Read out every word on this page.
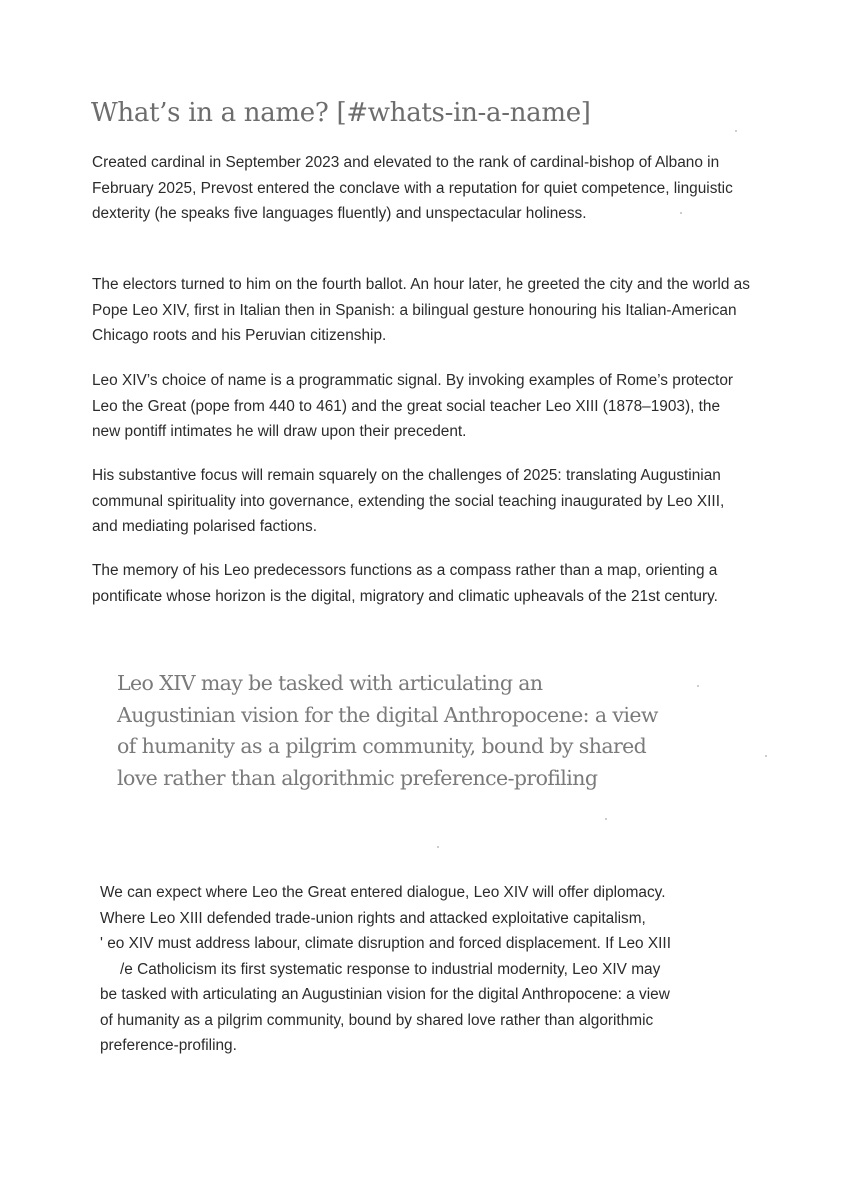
What’s in a name? [#whats-in-a-name]

Created cardinal in September 2023 and elevated to the rank of cardinal-bishop of Albano in February 2025, Prevost entered the conclave with a reputation for quiet competence, linguistic dexterity (he speaks five languages fluently) and unspectacular holiness.

The electors turned to him on the fourth ballot. An hour later, he greeted the city and the world as Pope Leo XIV, first in Italian then in Spanish: a bilingual gesture honouring his Italian-American Chicago roots and his Peruvian citizenship.

Leo XIV’s choice of name is a programmatic signal. By invoking examples of Rome’s protector Leo the Great (pope from 440 to 461) and the great social teacher Leo XIII (1878–1903), the new pontiff intimates he will draw upon their precedent.

His substantive focus will remain squarely on the challenges of 2025: translating Augustinian communal spirituality into governance, extending the social teaching inaugurated by Leo XIII, and mediating polarised factions.

The memory of his Leo predecessors functions as a compass rather than a map, orienting a pontificate whose horizon is the digital, migratory and climatic upheavals of the 21st century.

Leo XIV may be tasked with articulating an
Augustinian vision for the digital Anthropocene: a view
of humanity as a pilgrim community, bound by shared
love rather than algorithmic preference-profiling

We can expect where Leo the Great entered dialogue, Leo XIV will offer diplomacy.
Where Leo XIII defended trade-union rights and attacked exploitative capitalism,
' eo XIV must address labour, climate disruption and forced displacement. If Leo XIII
/e Catholicism its first systematic response to industrial modernity, Leo XIV may
be tasked with articulating an Augustinian vision for the digital Anthropocene: a view
of humanity as a pilgrim community, bound by shared love rather than algorithmic
preference-profiling.
